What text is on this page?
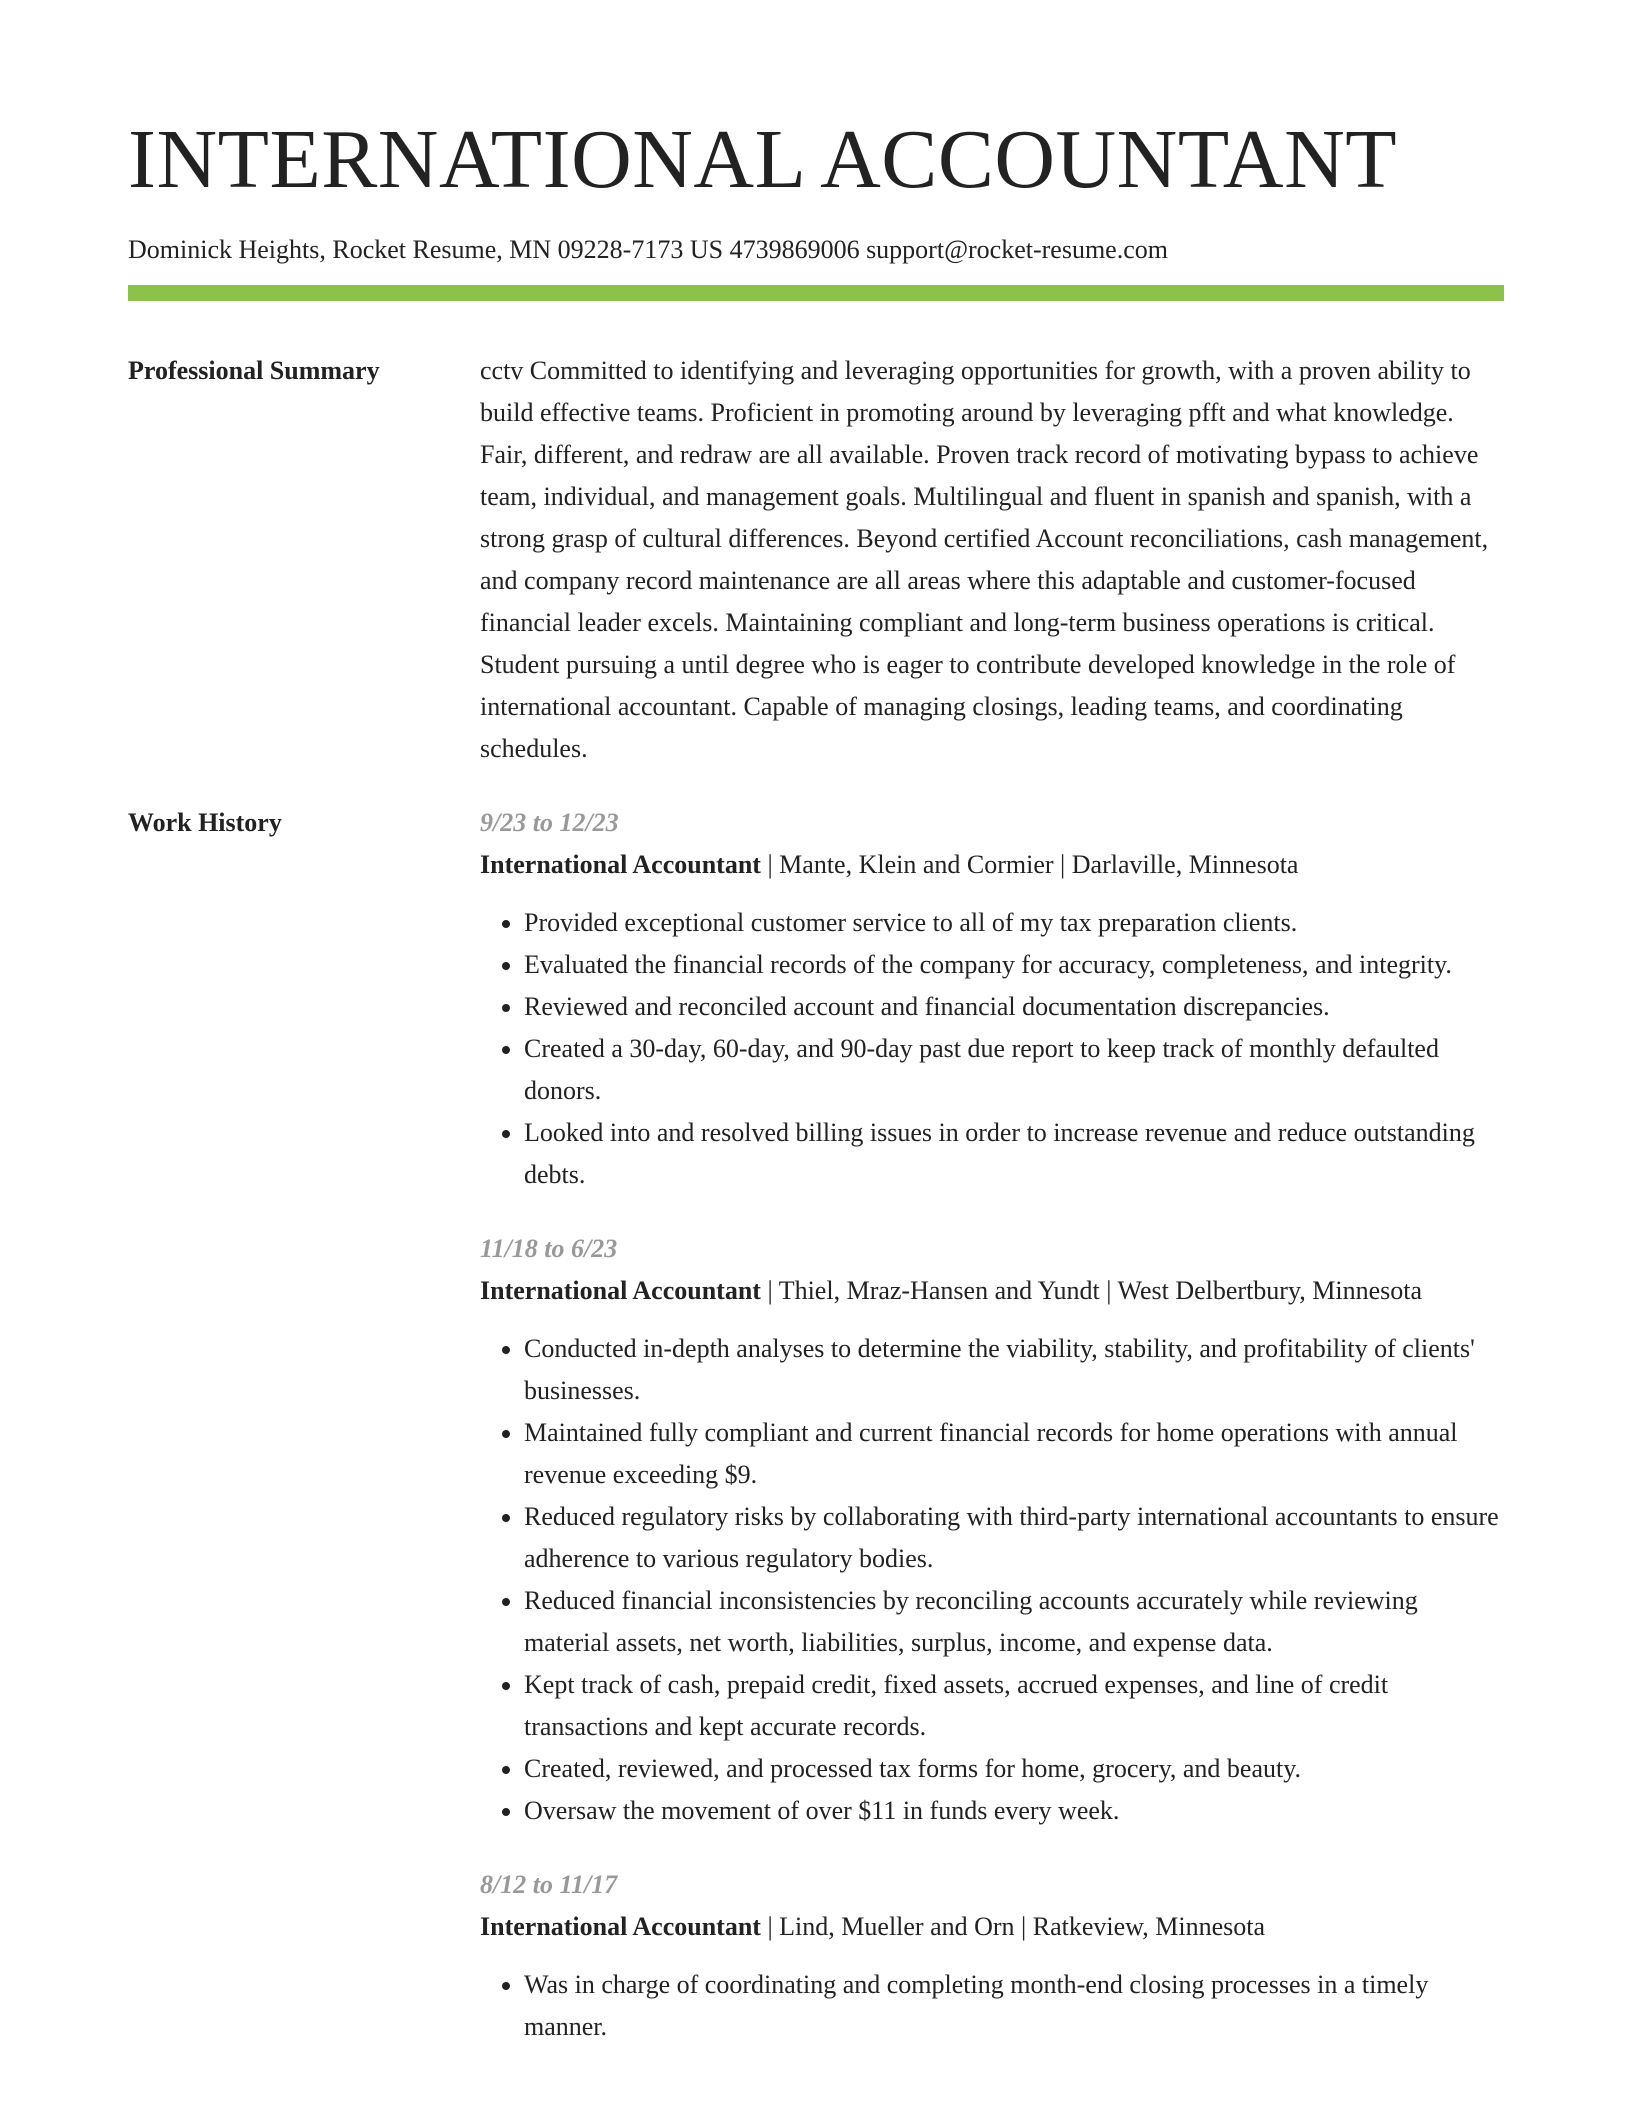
INTERNATIONAL ACCOUNTANT
Dominick Heights, Rocket Resume, MN 09228-7173 US 4739869006 support@rocket-resume.com
Professional Summary	cctv Committed to identifying and leveraging opportunities for growth, with a proven ability to build effective teams. Proficient in promoting around by leveraging pfft and what knowledge. Fair, different, and redraw are all available. Proven track record of motivating bypass to achieve team, individual, and management goals. Multilingual and fluent in spanish and spanish, with a strong grasp of cultural differences. Beyond certified Account reconciliations, cash management, and company record maintenance are all areas where this adaptable and customer-focused financial leader excels. Maintaining compliant and long-term business operations is critical. Student pursuing a until degree who is eager to contribute developed knowledge in the role of international accountant. Capable of managing closings, leading teams, and coordinating schedules.

Work History	9/23 to 12/23
International Accountant | Mante, Klein and Cormier | Darlaville, Minnesota
• Provided exceptional customer service to all of my tax preparation clients.
• Evaluated the financial records of the company for accuracy, completeness, and integrity.
• Reviewed and reconciled account and financial documentation discrepancies.
• Created a 30-day, 60-day, and 90-day past due report to keep track of monthly defaulted donors.
• Looked into and resolved billing issues in order to increase revenue and reduce outstanding debts.
11/18 to 6/23
International Accountant | Thiel, Mraz-Hansen and Yundt | West Delbertbury, Minnesota
• Conducted in-depth analyses to determine the viability, stability, and profitability of clients' businesses.
• Maintained fully compliant and current financial records for home operations with annual revenue exceeding $9.
• Reduced regulatory risks by collaborating with third-party international accountants to ensure adherence to various regulatory bodies.
• Reduced financial inconsistencies by reconciling accounts accurately while reviewing material assets, net worth, liabilities, surplus, income, and expense data.
• Kept track of cash, prepaid credit, fixed assets, accrued expenses, and line of credit transactions and kept accurate records.
• Created, reviewed, and processed tax forms for home, grocery, and beauty.
• Oversaw the movement of over $11 in funds every week.
8/12 to 11/17
International Accountant | Lind, Mueller and Orn | Ratkeview, Minnesota
• Was in charge of coordinating and completing month-end closing processes in a timely manner.
